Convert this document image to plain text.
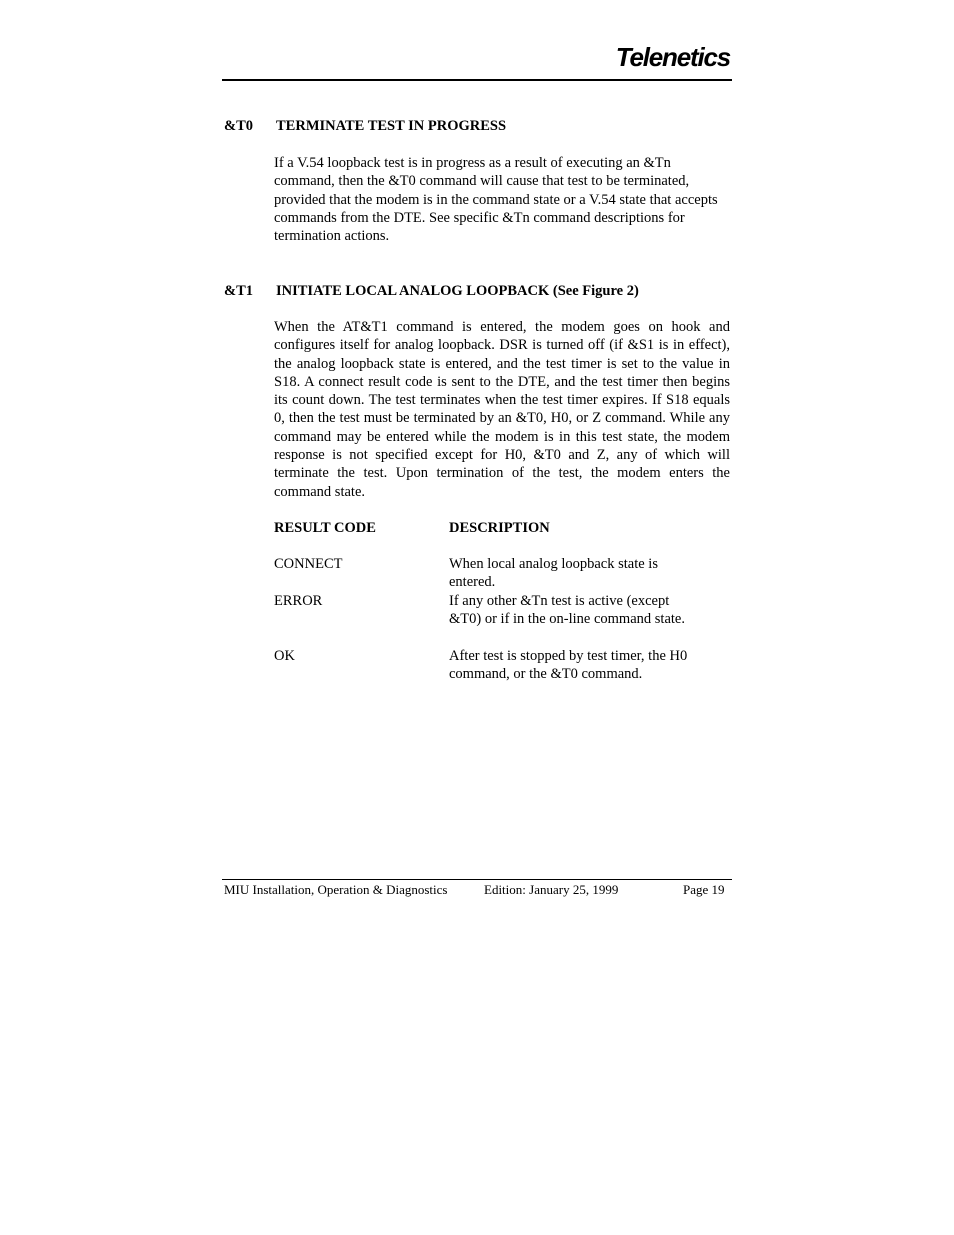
Telenetics
&T0 TERMINATE TEST IN PROGRESS
If a V.54 loopback test is in progress as a result of executing an &Tn command, then the &T0 command will cause that test to be terminated, provided that the modem is in the command state or a V.54 state that accepts commands from the DTE. See specific &Tn command descriptions for termination actions.
&T1 INITIATE LOCAL ANALOG LOOPBACK (See Figure 2)
When the AT&T1 command is entered, the modem goes on hook and configures itself for analog loopback. DSR is turned off (if &S1 is in effect), the analog loopback state is entered, and the test timer is set to the value in S18. A connect result code is sent to the DTE, and the test timer then begins its count down. The test terminates when the test timer expires. If S18 equals 0, then the test must be terminated by an &T0, H0, or Z command. While any command may be entered while the modem is in this test state, the modem response is not specified except for H0, &T0 and Z, any of which will terminate the test. Upon termination of the test, the modem enters the command state.
RESULT CODE	DESCRIPTION
CONNECT	When local analog loopback state is entered.
ERROR	If any other &Tn test is active (except &T0) or if in the on-line command state.
OK	After test is stopped by test timer, the H0 command, or the &T0 command.
MIU Installation, Operation & Diagnostics	Edition: January 25, 1999	Page 19
